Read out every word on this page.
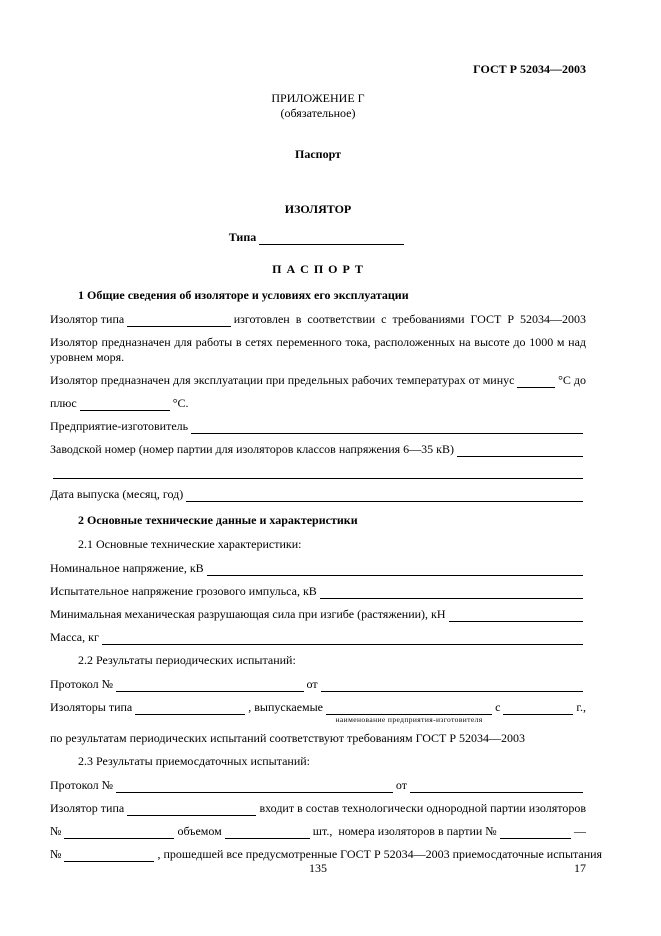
ГОСТ Р 52034—2003
ПРИЛОЖЕНИЕ Г
(обязательное)
Паспорт
ИЗОЛЯТОР
Типа
П А С П О Р Т
1 Общие сведения об изоляторе и условиях его эксплуатации
Изолятор типа	изготовлен  в  соответствии  с  требованиями  ГОСТ  Р  52034—2003
Изолятор предназначен для работы в сетях переменного тока, расположенных на высоте до 1000 м над уровнем моря.
Изолятор предназначен для эксплуатации при предельных рабочих температурах от минус	°С до
плюс	°С.
Предприятие-изготовитель
Заводской номер (номер партии для изоляторов классов напряжения 6—35 кВ)
Дата выпуска (месяц, год)
2 Основные технические данные и характеристики
2.1 Основные технические характеристики:
Номинальное напряжение, кВ
Испытательное напряжение грозового импульса, кВ
Минимальная механическая разрушающая сила при изгибе (растяжении), кН
Масса, кг
2.2 Результаты периодических испытаний:
Протокол №	от
Изоляторы типа	, выпускаемые
наименование предприятия-изготовителя
с	г.,
по результатам периодических испытаний соответствуют требованиям ГОСТ Р 52034—2003
2.3 Результаты приемосдаточных испытаний:
Протокол №	от
Изолятор типа	входит в состав технологически однородной партии изоляторов
№	объемом	шт.,  номера изоляторов в партии №	—
№	, прошедшей все предусмотренные ГОСТ Р 52034—2003 приемосдаточные испытания
135	17
